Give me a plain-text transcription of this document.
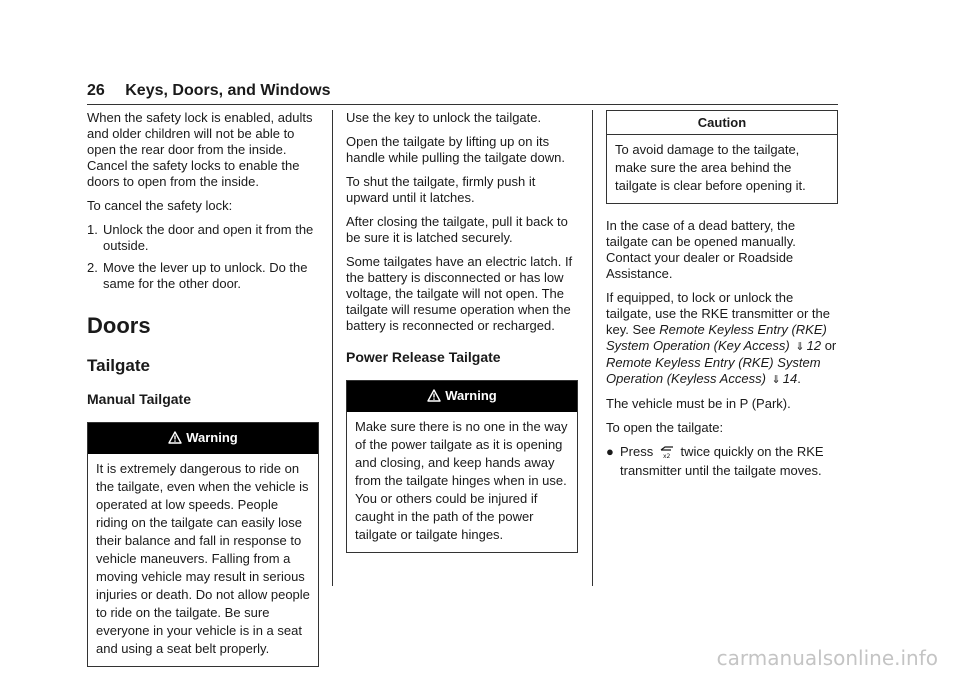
26 Keys, Doors, and Windows

When the safety lock is enabled, adults and older children will not be able to open the rear door from the inside. Cancel the safety locks to enable the doors to open from the inside.

To cancel the safety lock:

1. Unlock the door and open it from the outside.
2. Move the lever up to unlock. Do the same for the other door.
Doors
Tailgate
Manual Tailgate
Warning
It is extremely dangerous to ride on the tailgate, even when the vehicle is operated at low speeds. People riding on the tailgate can easily lose their balance and fall in response to vehicle maneuvers. Falling from a moving vehicle may result in serious injuries or death. Do not allow people to ride on the tailgate. Be sure everyone in your vehicle is in a seat and using a seat belt properly.

Use the key to unlock the tailgate.

Open the tailgate by lifting up on its handle while pulling the tailgate down.

To shut the tailgate, firmly push it upward until it latches.

After closing the tailgate, pull it back to be sure it is latched securely.

Some tailgates have an electric latch. If the battery is disconnected or has low voltage, the tailgate will not open. The tailgate will resume operation when the battery is reconnected or recharged.

Power Release Tailgate
Warning
Make sure there is no one in the way of the power tailgate as it is opening and closing, and keep hands away from the tailgate hinges when in use. You or others could be injured if caught in the path of the power tailgate or tailgate hinges.
Caution
To avoid damage to the tailgate, make sure the area behind the tailgate is clear before opening it.

In the case of a dead battery, the tailgate can be opened manually. Contact your dealer or Roadside Assistance.

If equipped, to lock or unlock the tailgate, use the RKE transmitter or the key. See Remote Keyless Entry (RKE) System Operation (Key Access) ⇓ 12 or Remote Keyless Entry (RKE) System Operation (Keyless Access) ⇓ 14.

The vehicle must be in P (Park).

To open the tailgate:

● Press x2 twice quickly on the RKE transmitter until the tailgate moves.
carmanualsonline.info
